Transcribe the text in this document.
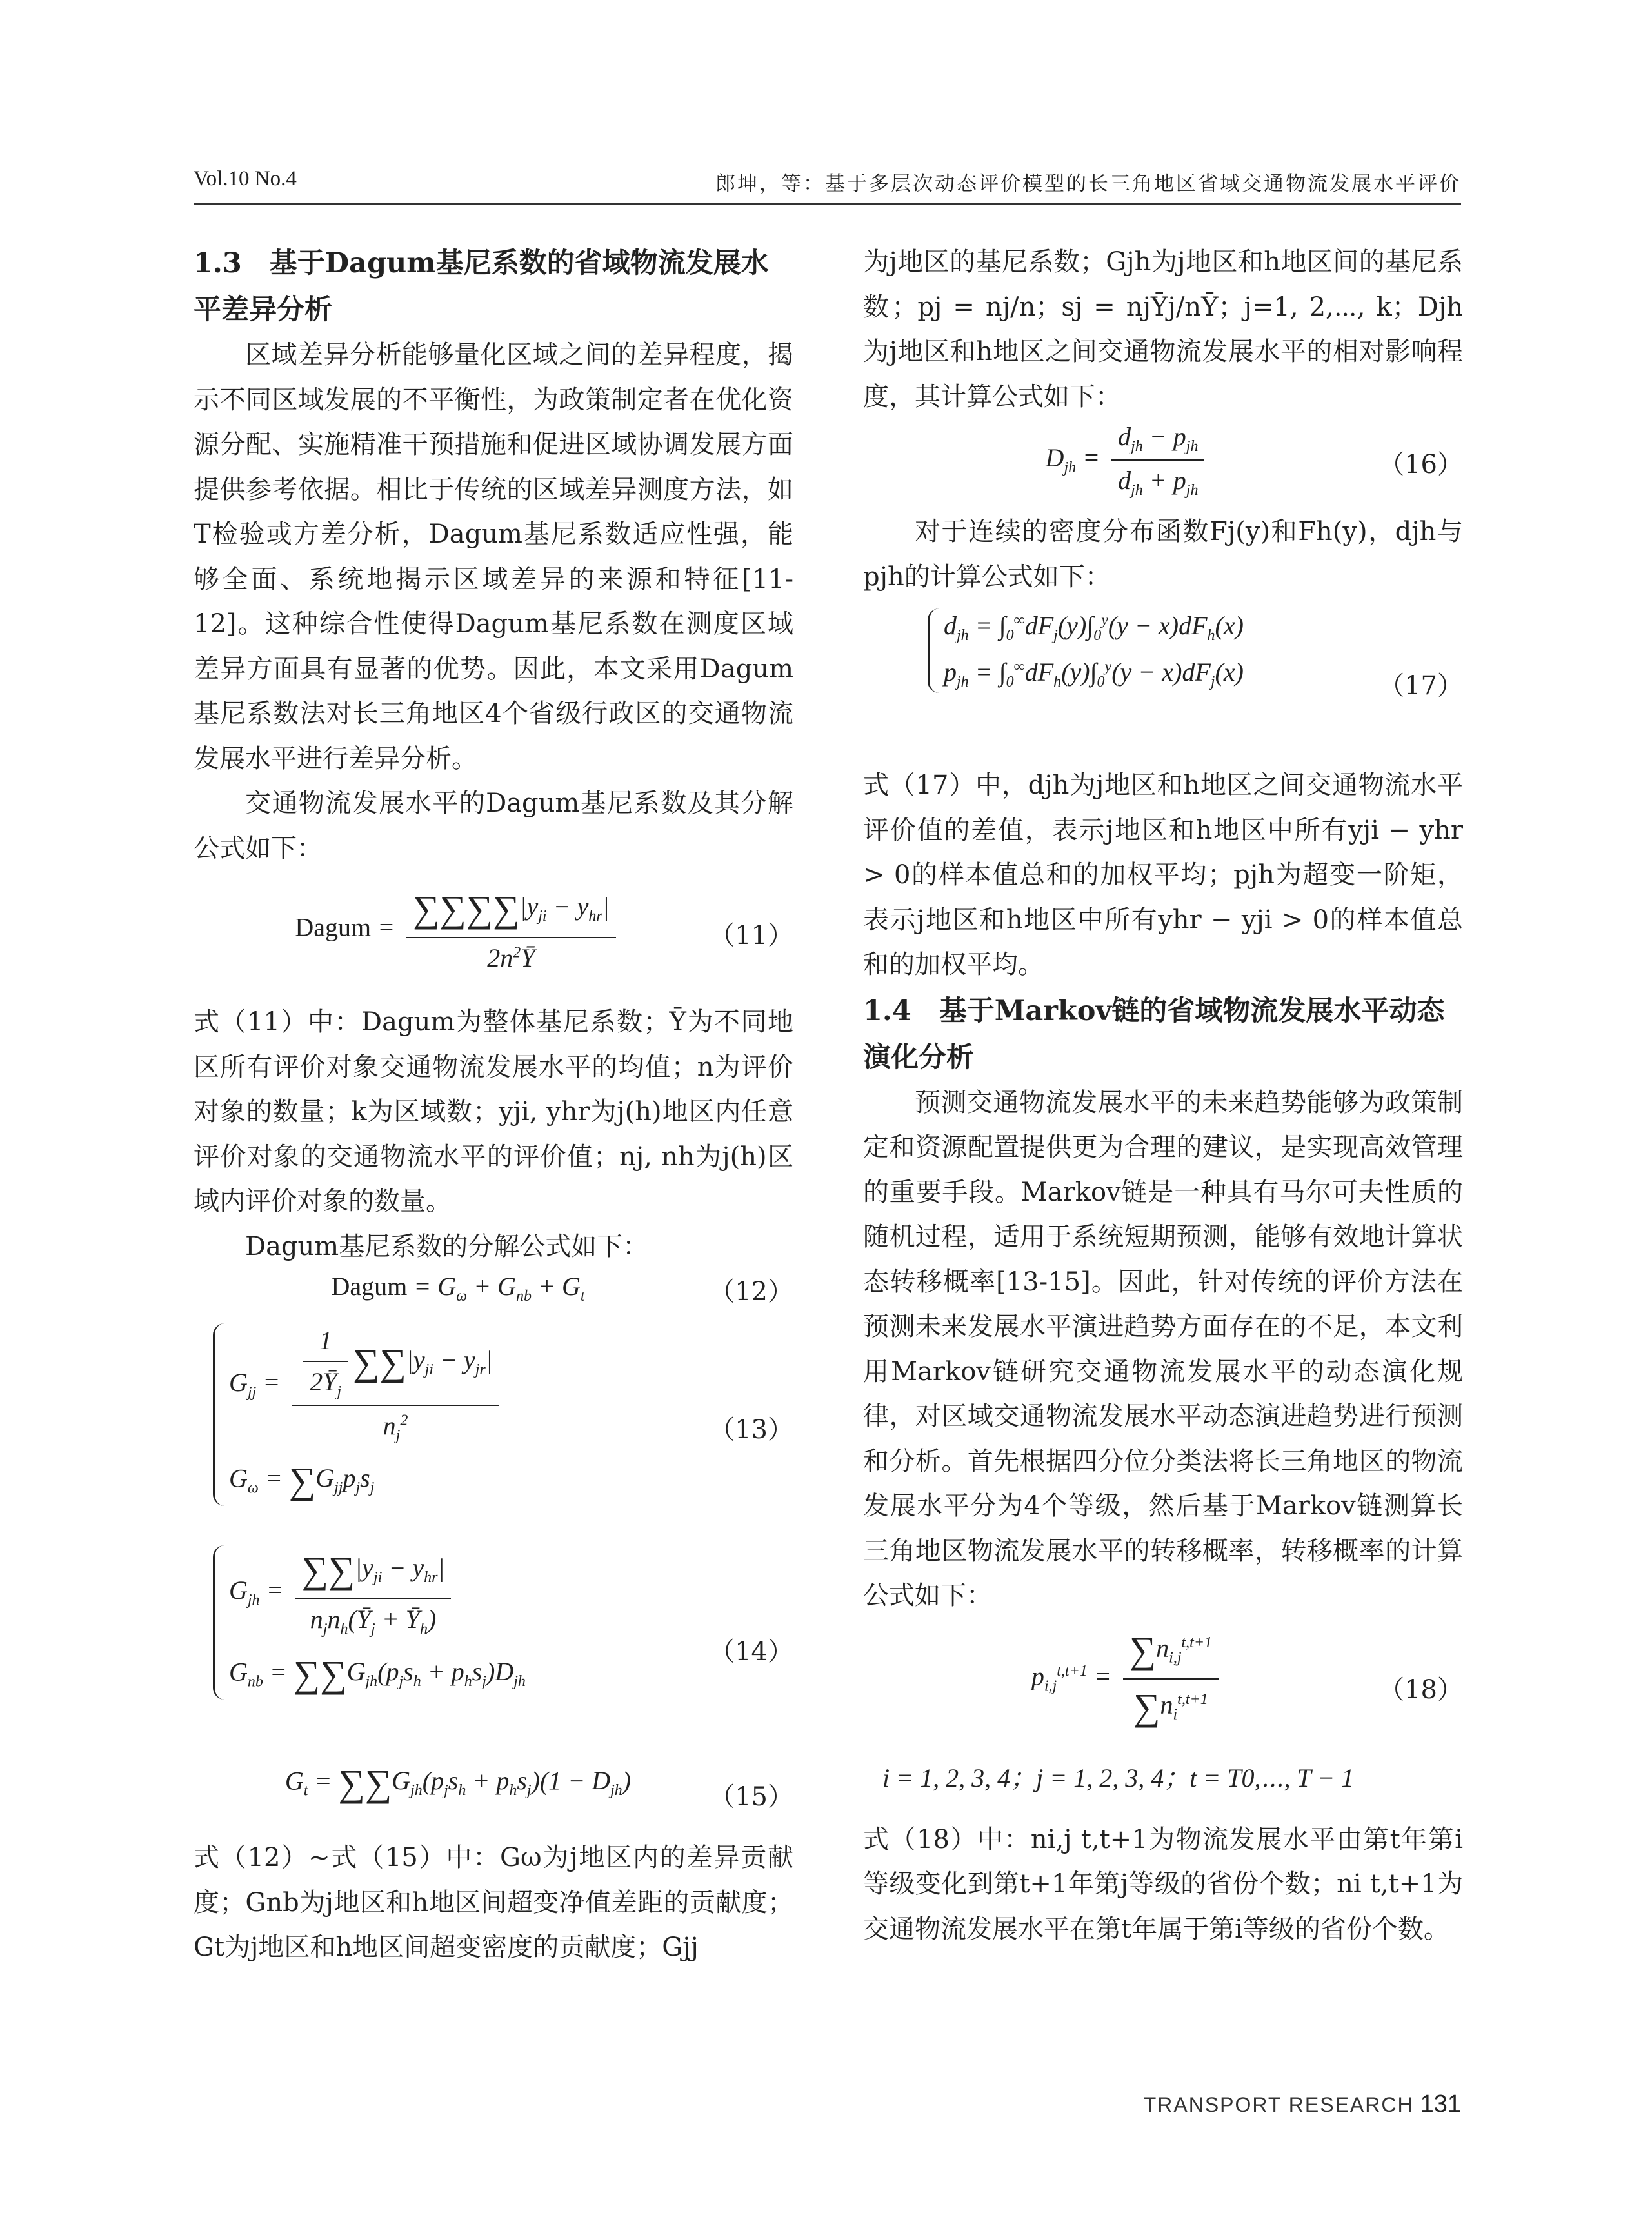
Vol.10 No.4	郎坤，等：基于多层次动态评价模型的长三角地区省域交通物流发展水平评价

1.3　基于Dagum基尼系数的省域物流发展水平差异分析

区域差异分析能够量化区域之间的差异程度，揭示不同区域发展的不平衡性，为政策制定者在优化资源分配、实施精准干预措施和促进区域协调发展方面提供参考依据。相比于传统的区域差异测度方法，如T检验或方差分析，Dagum基尼系数适应性强，能够全面、系统地揭示区域差异的来源和特征[11-12]。这种综合性使得Dagum基尼系数在测度区域差异方面具有显著的优势。因此，本文采用Dagum基尼系数法对长三角地区4个省级行政区的交通物流发展水平进行差异分析。

交通物流发展水平的Dagum基尼系数及其分解公式如下：

Dagum = $\frac{\sum\sum\sum\sum|y_{ji} - y_{hr}|}{2n^2Ȳ}$	（11）

式（11）中：Dagum为整体基尼系数；Ȳ为不同地区所有评价对象交通物流发展水平的均值；n为评价对象的数量；k为区域数；yji, yhr为j(h)地区内任意评价对象的交通物流水平的评价值；nj, nh为j(h)区域内评价对象的数量。

Dagum基尼系数的分解公式如下：

Dagum = $G_\omega + G_{nb} + G_t$	（12）
$G_{jj} = \frac{\frac{1}{2Ȳ_j} \sum\sum|y_{ji} - y_{jr}|}{n_j^2}$
$G_\omega = \sum G_{jj}p_js_j$
（13）
$G_{jh} = \frac{\sum\sum|y_{ji} - y_{hr}|}{n_jn_h(Ȳ_j + Ȳ_h)}$
$G_{nb} = \sum\sum G_{jh}(p_js_h + p_hs_j)D_{jh}$
（14）
$G_t = \sum\sum G_{jh}(p_js_h + p_hs_j)(1 - D_{jh})$
（15）

式（12）~式（15）中：Gω为j地区内的差异贡献度；Gnb为j地区和h地区间超变净值差距的贡献度；Gt为j地区和h地区间超变密度的贡献度；Gjj

为j地区的基尼系数；Gjh为j地区和h地区间的基尼系数；pj = nj/n；sj = njȲj/nȲ；j=1, 2,⋯, k；Djh为j地区和h地区之间交通物流发展水平的相对影响程度，其计算公式如下：

$D_{jh} = \frac{d_{jh} - p_{jh}}{d_{jh} + p_{jh}}$	（16）

对于连续的密度分布函数Fj(y)和Fh(y)，djh与pjh的计算公式如下：

$d_{jh} = \int_0^\infty dF_j(y)\int_0^y(y - x)dF_h(x)$
$p_{jh} = \int_0^\infty dF_h(y)\int_0^y(y - x)dF_j(x)$	（17）

式（17）中，djh为j地区和h地区之间交通物流水平评价值的差值，表示j地区和h地区中所有yji − yhr > 0的样本值总和的加权平均；pjh为超变一阶矩，表示j地区和h地区中所有yhr − yji > 0的样本值总和的加权平均。

1.4　基于Markov链的省域物流发展水平动态演化分析

预测交通物流发展水平的未来趋势能够为政策制定和资源配置提供更为合理的建议，是实现高效管理的重要手段。Markov链是一种具有马尔可夫性质的随机过程，适用于系统短期预测，能够有效地计算状态转移概率[13-15]。因此，针对传统的评价方法在预测未来发展水平演进趋势方面存在的不足，本文利用Markov链研究交通物流发展水平的动态演化规律，对区域交通物流发展水平动态演进趋势进行预测和分析。首先根据四分位分类法将长三角地区的物流发展水平分为4个等级，然后基于Markov链测算长三角地区物流发展水平的转移概率，转移概率的计算公式如下：

$p_{i,j}^{t,t+1} = \frac{\sum n_{i,j}^{t,t+1}}{\sum n_i^{t,t+1}}$	（18）
i = 1, 2, 3, 4；j = 1, 2, 3, 4；t = T0,⋯, T − 1

式（18）中：ni,j t,t+1为物流发展水平由第t年第i等级变化到第t+1年第j等级的省份个数；ni t,t+1为交通物流发展水平在第t年属于第i等级的省份个数。

TRANSPORT RESEARCH 131
